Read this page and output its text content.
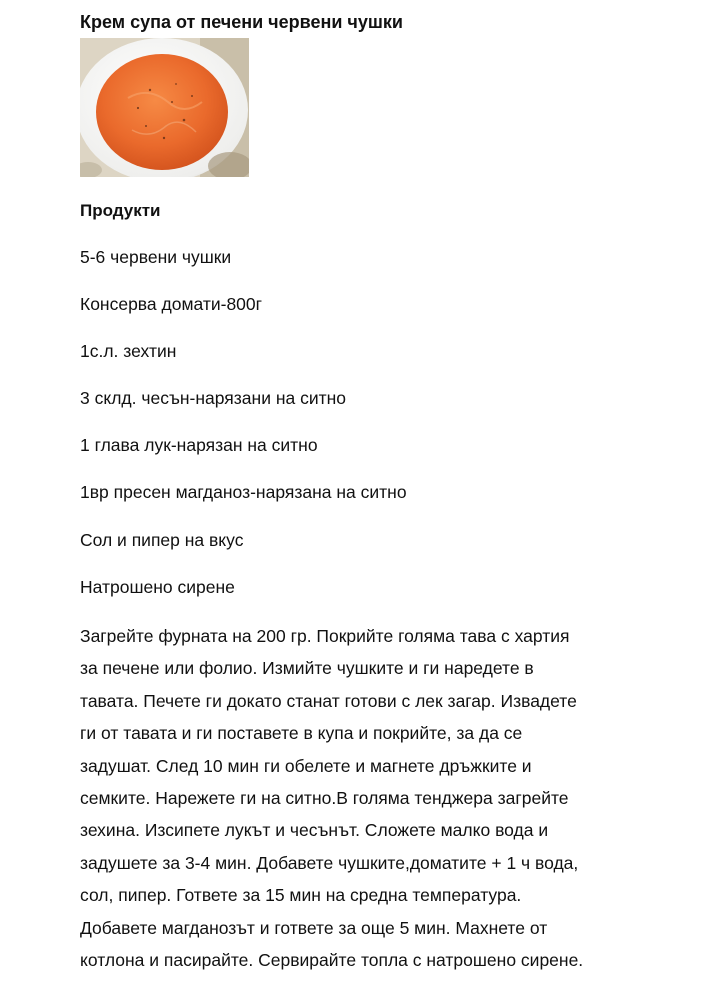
Крем супа от печени червени чушки
Продукти
5-6 червени чушки
Консерва домати-800г
1с.л. зехтин
3 склд. чесън-нарязани на ситно
1 глава лук-нарязан на ситно
1вр пресен магданоз-нарязана на ситно
Сол и пипер на вкус
Натрошено сирене

Загрейте фурната на 200 гр. Покрийте голяма тава с хартия
за печене или фолио. Измийте чушките и ги наредете в
тавата. Печете ги докато станат готови с лек загар. Извадете
ги от тавата и ги поставете в купа и покрийте, за да се
задушат. След 10 мин ги обелете и магнете дръжките и
семките. Нарежете ги на ситно.В голяма тенджера загрейте
зехина. Изсипете лукът и чесънът. Сложете малко вода и
задушете за 3-4 мин. Добавете чушките,доматите + 1 ч вода,
сол, пипер. Гответе за 15 мин на средна температура.
Добавете магданозът и гответе за още 5 мин. Махнете от
котлона и пасирайте. Сервирайте топла с натрошено сирене.
